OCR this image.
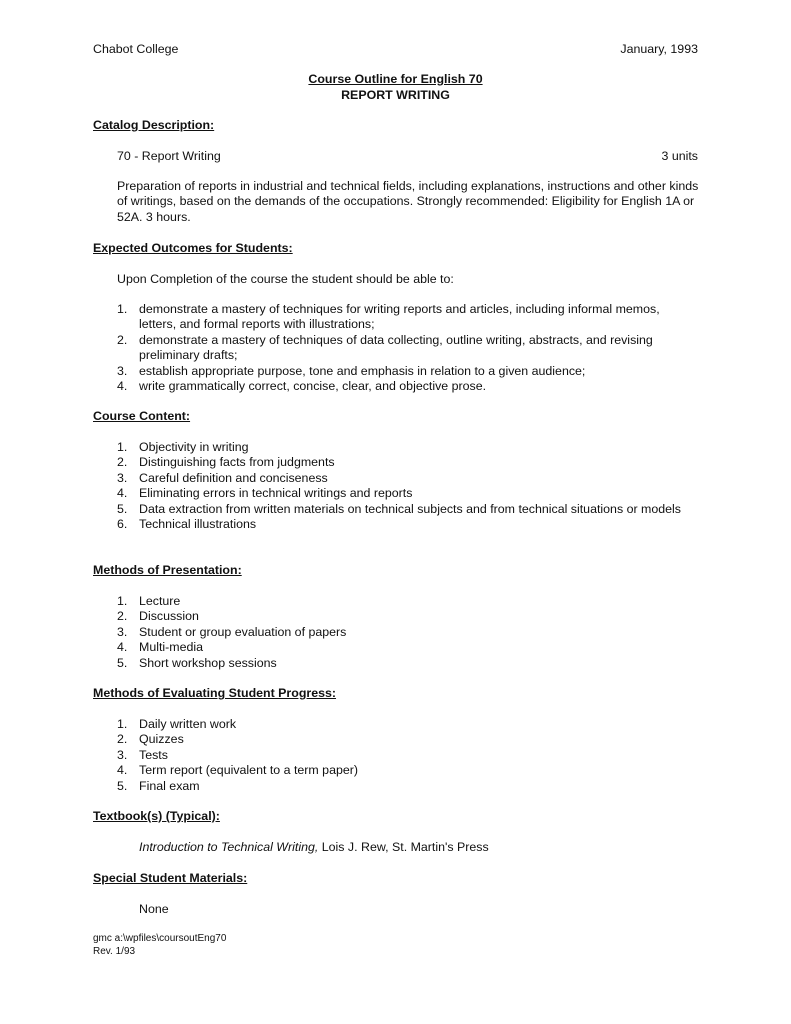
Chabot College	January, 1993
Course Outline for English 70
REPORT WRITING
Catalog Description:
70 - Report Writing	3 units
Preparation of reports in industrial and technical fields, including explanations, instructions and other kinds of writings, based on the demands of the occupations. Strongly recommended: Eligibility for English 1A or 52A. 3 hours.
Expected Outcomes for Students:
Upon Completion of the course the student should be able to:
1. demonstrate a mastery of techniques for writing reports and articles, including informal memos, letters, and formal reports with illustrations;
2. demonstrate a mastery of techniques of data collecting, outline writing, abstracts, and revising preliminary drafts;
3. establish appropriate purpose, tone and emphasis in relation to a given audience;
4. write grammatically correct, concise, clear, and objective prose.
Course Content:
1. Objectivity in writing
2. Distinguishing facts from judgments
3. Careful definition and conciseness
4. Eliminating errors in technical writings and reports
5. Data extraction from written materials on technical subjects and from technical situations or models
6. Technical illustrations
Methods of Presentation:
1. Lecture
2. Discussion
3. Student or group evaluation of papers
4. Multi-media
5. Short workshop sessions
Methods of Evaluating Student Progress:
1. Daily written work
2. Quizzes
3. Tests
4. Term report (equivalent to a term paper)
5. Final exam
Textbook(s) (Typical):
Introduction to Technical Writing, Lois J. Rew, St. Martin's Press
Special Student Materials:
None
gmc a:\wpfiles\coursoutEng70
Rev. 1/93
